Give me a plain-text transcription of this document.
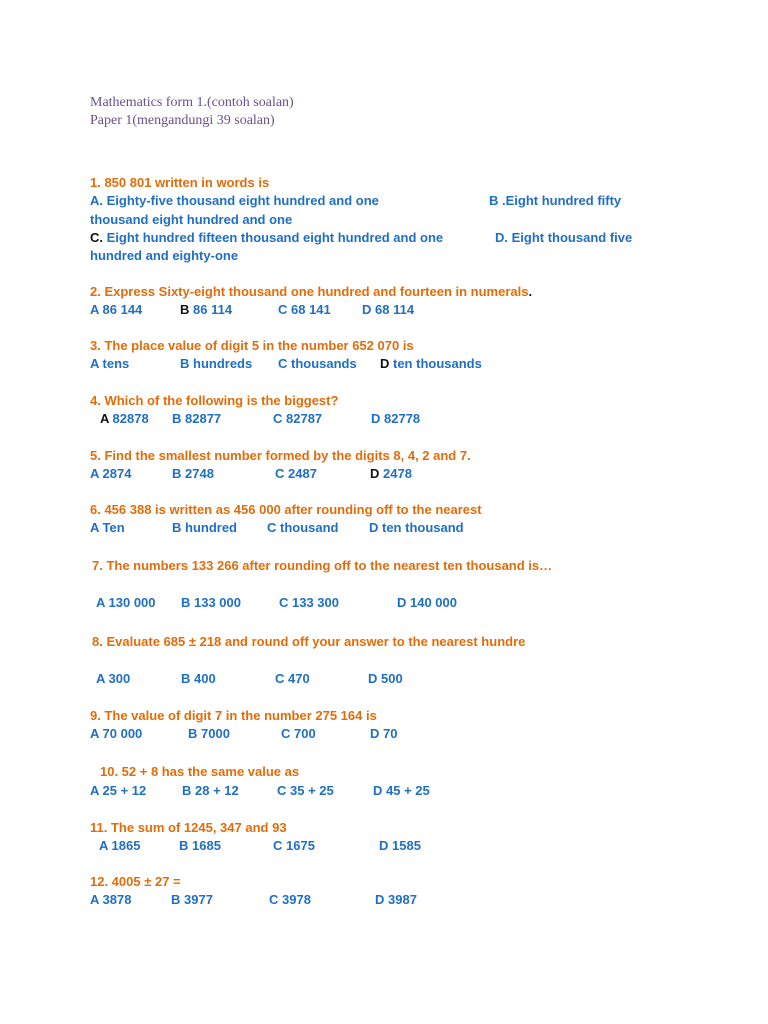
Mathematics form 1.(contoh soalan)
Paper 1(mengandungi 39 soalan)
1. 850 801 written in words is
A. Eighty-five thousand eight hundred and one	B .Eight hundred fifty
thousand eight hundred and one
C. Eight hundred fifteen thousand eight hundred and one	D. Eight thousand five
hundred and eighty-one
2. Express Sixty-eight thousand one hundred and fourteen in numerals.
A 86 144	B 86 114	C 68 141 D 68 114
3. The place value of digit 5 in the number 652 070 is
A tens	B hundreds C thousands D ten thousands
4. Which of the following is the biggest?
A 82878 B 82877	C 82787	D 82778
5. Find the smallest number formed by the digits 8, 4, 2 and 7.
A 2874	B 2748	C 2487	D 2478
6. 456 388 is written as 456 000 after rounding off to the nearest
A Ten	B hundred C thousand D ten thousand
7. The numbers 133 266 after rounding off to the nearest ten thousand is…
A 130 000 B 133 000	C 133 300	D 140 000
8. Evaluate 685 ± 218 and round off your answer to the nearest hundre
A 300	B 400	C 470	D 500
9. The value of digit 7 in the number 275 164 is
A 70 000	B 7000	C 700	D 70
10. 52 + 8 has the same value as
A 25 + 12	B 28 + 12	C 35 + 25	D 45 + 25
11. The sum of 1245, 347 and 93
A 1865	B 1685	C 1675	D 1585
12. 4005 ± 27 =
A 3878	B 3977	C 3978	D 3987
